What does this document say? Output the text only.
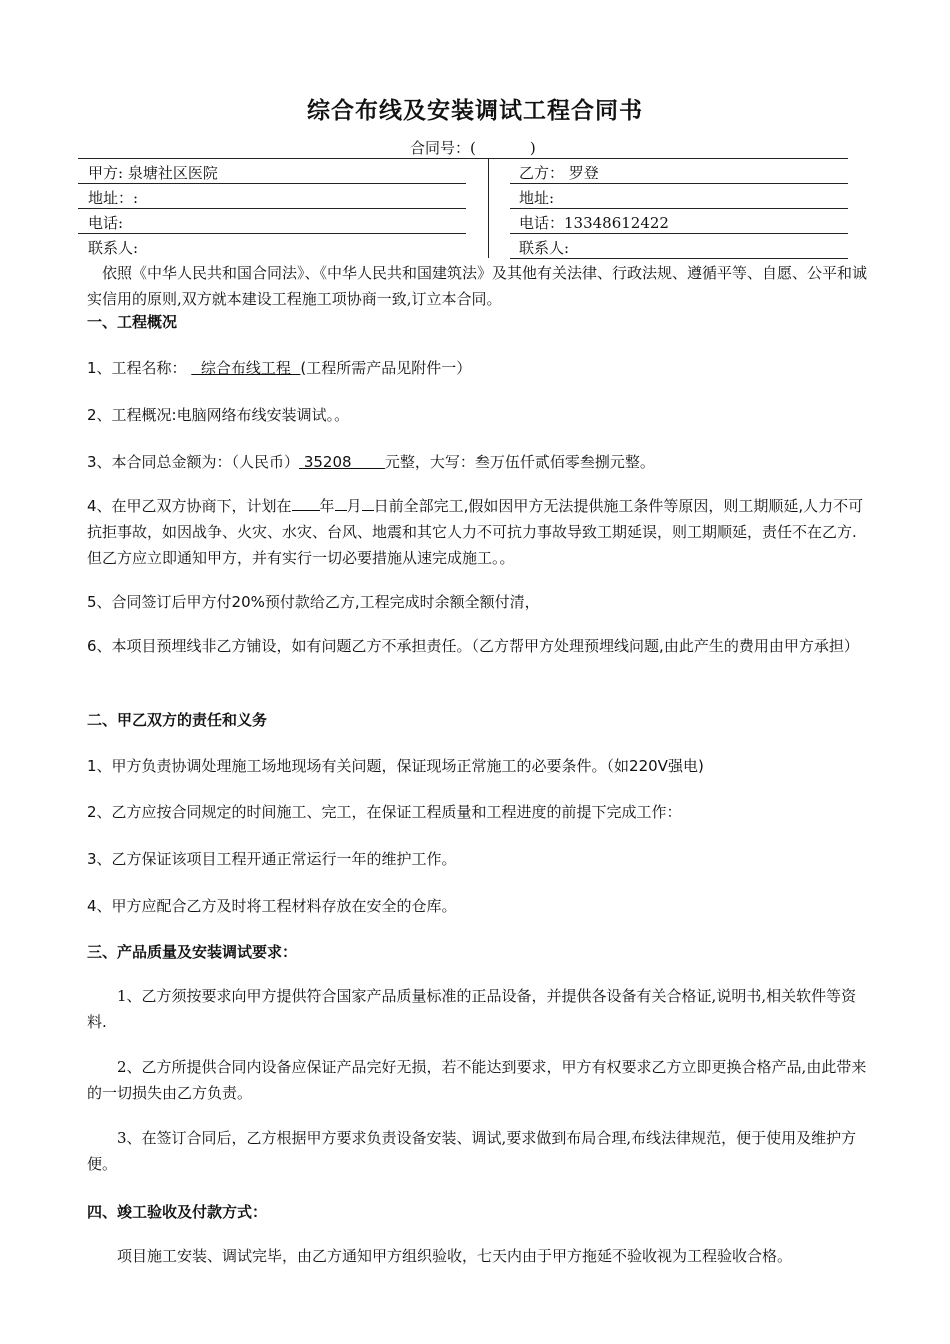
综合布线及安装调试工程合同书
合同号：(	)
甲方: 泉塘社区医院
地址：:
电话:
联系人:
乙方： 罗登
地址:
电话：13348612422
联系人:
依照《中华人民共和国合同法》、《中华人民共和国建筑法》及其他有关法律、行政法规、遵循平等、自愿、公平和诚实信用的原则,双方就本建设工程施工项协商一致,订立本合同。
一、工程概况
1、工程名称：   综合布线工程  (工程所需产品见附件一）
2、工程概况:电脑网络布线安装调试。。
3、本合同总金额为：（人民币） 35208       元整，大写：叁万伍仟贰佰零叁捌元整。
4、在甲乙双方协商下，计划在 年 月 日前全部完工,假如因甲方无法提供施工条件等原因，则工期顺延,人力不可抗拒事故，如因战争、火灾、水灾、台风、地震和其它人力不可抗力事故导致工期延误，则工期顺延，责任不在乙方.但乙方应立即通知甲方，并有实行一切必要措施从速完成施工。。
5、合同签订后甲方付20%预付款给乙方,工程完成时余额全额付清，
6、本项目预埋线非乙方铺设，如有问题乙方不承担责任。（乙方帮甲方处理预埋线问题,由此产生的费用由甲方承担）
二、甲乙双方的责任和义务
1、甲方负责协调处理施工场地现场有关问题，保证现场正常施工的必要条件。（如220V强电)
2、乙方应按合同规定的时间施工、完工，在保证工程质量和工程进度的前提下完成工作：
3、乙方保证该项目工程开通正常运行一年的维护工作。
4、甲方应配合乙方及时将工程材料存放在安全的仓库。
三、产品质量及安装调试要求：
1、乙方须按要求向甲方提供符合国家产品质量标准的正品设备，并提供各设备有关合格证,说明书,相关软件等资料.
2、乙方所提供合同内设备应保证产品完好无损，若不能达到要求，甲方有权要求乙方立即更换合格产品,由此带来的一切损失由乙方负责。
3、在签订合同后，乙方根据甲方要求负责设备安装、调试,要求做到布局合理,布线法律规范，便于使用及维护方便。
四、竣工验收及付款方式：
项目施工安装、调试完毕，由乙方通知甲方组织验收，七天内由于甲方拖延不验收视为工程验收合格。
